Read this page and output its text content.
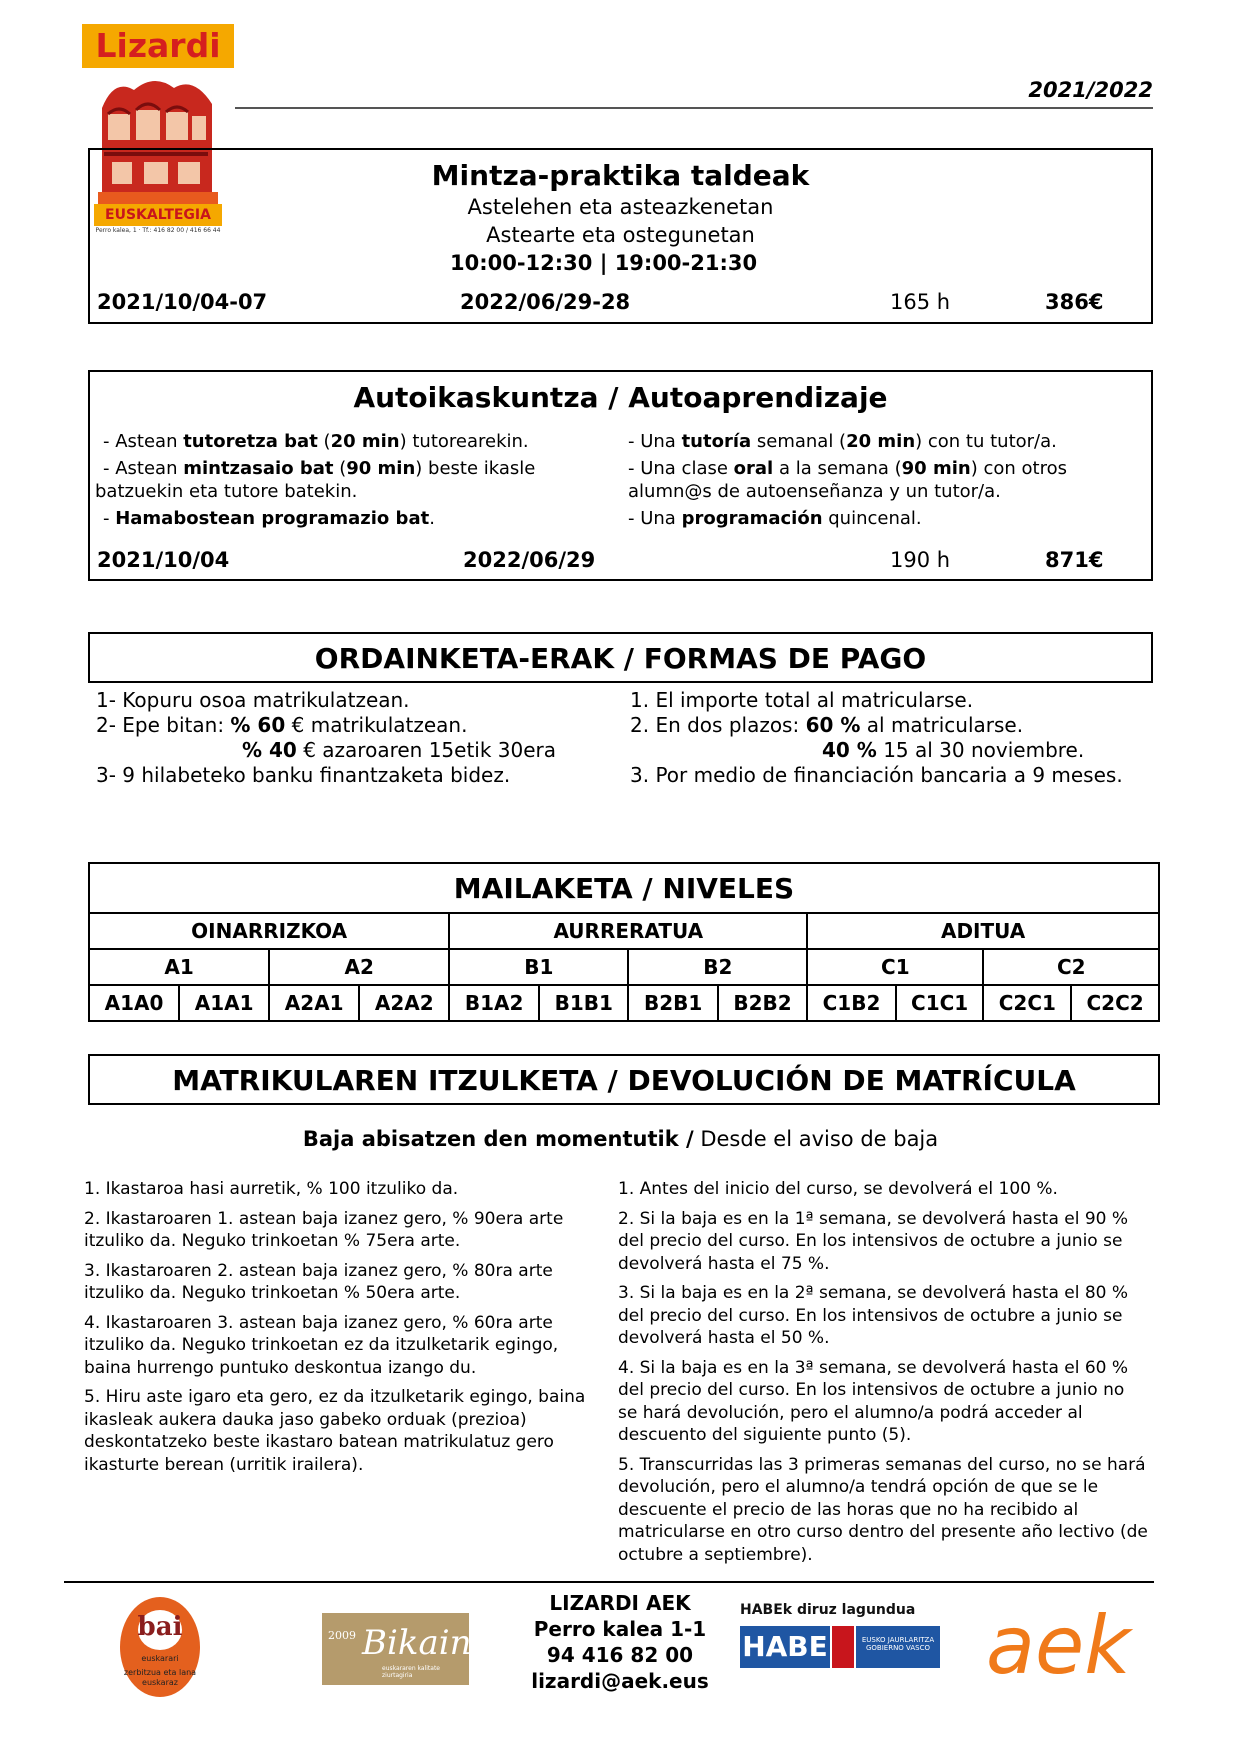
Lizardi
EUSKALTEGIA
Perro kalea, 1 · Tf.: 416 82 00 / 416 66 44
2021/2022
Mintza-praktika taldeak
Astelehen eta asteazkenetan
Astearte eta ostegunetan
10:00-12:30 | 19:00-21:30
2021/10/04-07	2022/06/29-28	165 h	386€
Autoikaskuntza / Autoaprendizaje
- Astean tutoretza bat (20 min) tutorearekin.
- Astean mintzasaio bat (90 min) beste ikasle batzuekin eta tutore batekin.
- Hamabostean programazio bat.
- Una tutoría semanal (20 min) con tu tutor/a.
- Una clase oral a la semana (90 min) con otros alumn@s de autoenseñanza y un tutor/a.
- Una programación quincenal.
2021/10/04	2022/06/29	190 h	871€
ORDAINKETA-ERAK / FORMAS DE PAGO
1- Kopuru osoa matrikulatzean.
2- Epe bitan: % 60 € matrikulatzean.
% 40 € azaroaren 15etik 30era
3- 9 hilabeteko banku finantzaketa bidez.
1. El importe total al matricularse.
2. En dos plazos: 60 % al matricularse.
40 % 15 al 30 noviembre.
3. Por medio de financiación bancaria a 9 meses.
MAILAKETA / NIVELES
OINARRIZKOA				AURRERATUA				ADITUA			
A1		A2		B1		B2		C1		C2	
A1A0	A1A1	A2A1	A2A2	B1A2	B1B1	B2B1	B2B2	C1B2	C1C1	C2C1	C2C2
MATRIKULAREN ITZULKETA / DEVOLUCIÓN DE MATRÍCULA
Baja abisatzen den momentutik / Desde el aviso de baja

1. Ikastaroa hasi aurretik, % 100 itzuliko da.

2. Ikastaroaren 1. astean baja izanez gero, % 90era arte itzuliko da. Neguko trinkoetan % 75era arte.

3. Ikastaroaren 2. astean baja izanez gero, % 80ra arte itzuliko da. Neguko trinkoetan % 50era arte.

4. Ikastaroaren 3. astean baja izanez gero, % 60ra arte itzuliko da. Neguko trinkoetan ez da itzulketarik egingo, baina hurrengo puntuko deskontua izango du.

5. Hiru aste igaro eta gero, ez da itzulketarik egingo, baina ikasleak aukera dauka jaso gabeko orduak (prezioa) deskontatzeko beste ikastaro batean matrikulatuz gero ikasturte berean (urritik irailera).

1. Antes del inicio del curso, se devolverá el 100 %.

2. Si la baja es en la 1ª semana, se devolverá hasta el 90 % del precio del curso. En los intensivos de octubre a junio se devolverá hasta el 75 %.

3. Si la baja es en la 2ª semana, se devolverá hasta el 80 % del precio del curso. En los intensivos de octubre a junio se devolverá hasta el 50 %.

4. Si la baja es en la 3ª semana, se devolverá hasta el 60 % del precio del curso. En los intensivos de octubre a junio no se hará devolución, pero el alumno/a podrá acceder al descuento del siguiente punto (5).

5. Transcurridas las 3 primeras semanas del curso, no se hará devolución, pero el alumno/a tendrá opción de que se le descuente el precio de las horas que no ha recibido al matricularse en otro curso dentro del presente año lectivo (de octubre a septiembre).

bai
euskarari
zerbitzua eta lana
euskaraz
2009 Bikain
euskararen kalitate ziurtagiria
LIZARDI AEK
Perro kalea 1-1
94 416 82 00
lizardi@aek.eus
HABEk diruz lagundua
HABE	EUSKO JAURLARITZA
GOBIERNO VASCO aek
